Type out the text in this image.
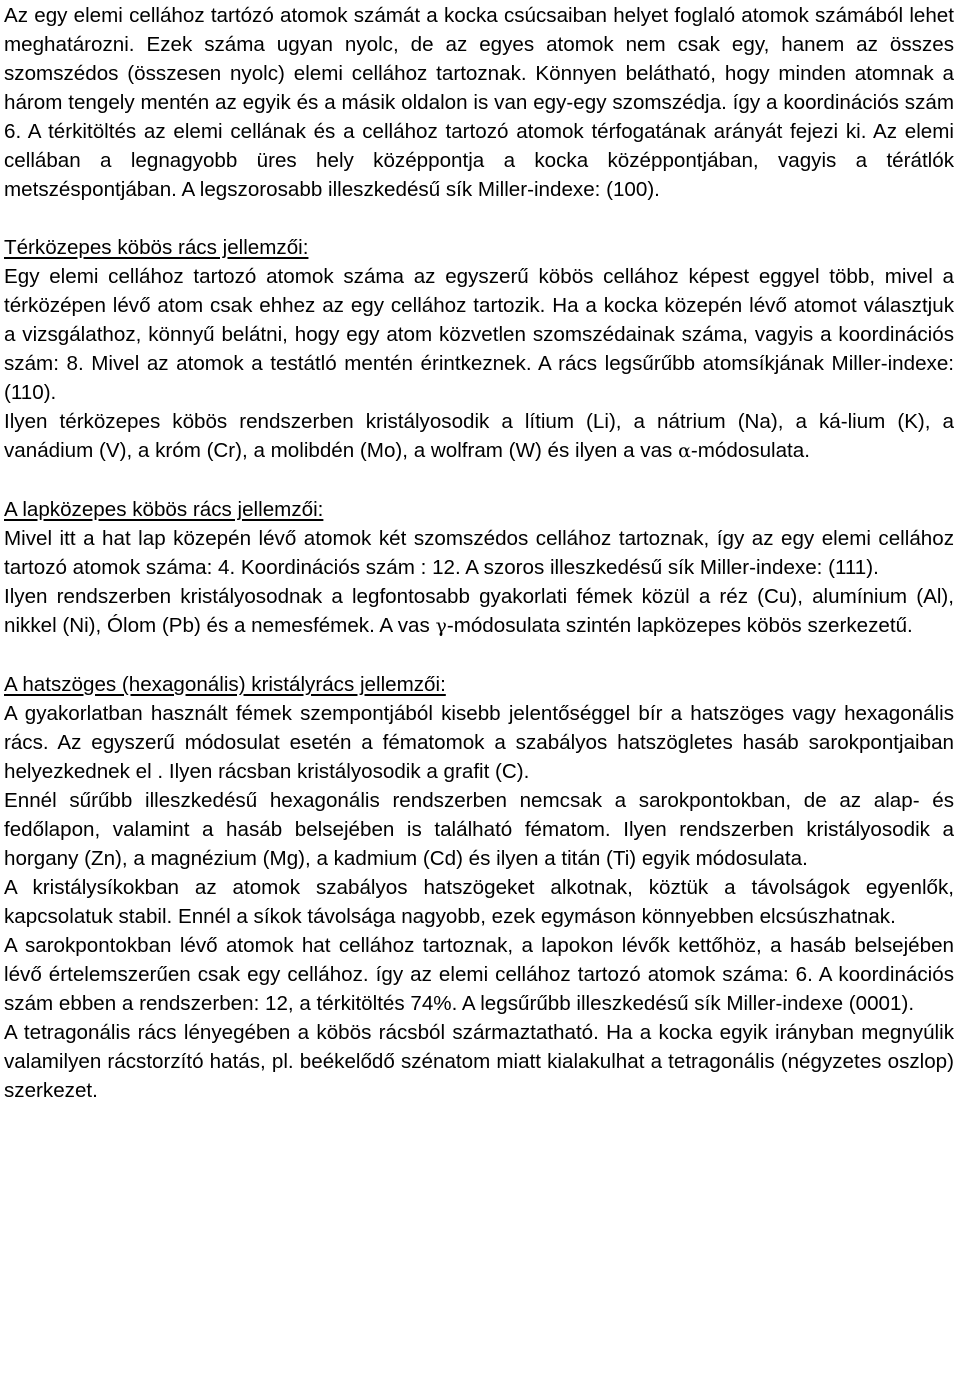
Az egy elemi cellához tartózó atomok számát a kocka csúcsaiban helyet foglaló atomok számából lehet meghatározni. Ezek száma ugyan nyolc, de az egyes atomok nem csak egy, hanem az összes szomszédos (összesen nyolc) elemi cellához tartoznak. Könnyen belátható, hogy minden atomnak a három tengely mentén az egyik és a másik oldalon is van egy-egy szomszédja. így a koordinációs szám 6. A térkitöltés az elemi cellának és a cellához tartozó atomok térfogatának arányát fejezi ki. Az elemi cellában a legnagyobb üres hely középpontja a kocka középpontjában, vagyis a térátlók metszéspontjában. A legszorosabb illeszkedésű sík Miller-indexe: (100).

Térközepes köbös rács jellemzői:

Egy elemi cellához tartozó atomok száma az egyszerű köbös cellához képest eggyel több, mivel a térközépen lévő atom csak ehhez az egy cellához tartozik. Ha a kocka közepén lévő atomot választjuk a vizsgálathoz, könnyű belátni, hogy egy atom közvetlen szomszédainak száma, vagyis a koordinációs szám: 8. Mivel az atomok a testátló mentén érintkeznek. A rács legsűrűbb atomsíkjának Miller-indexe: (110).

Ilyen térközepes köbös rendszerben kristályosodik a lítium (Li), a nátrium (Na), a ká-lium (K), a vanádium (V), a króm (Cr), a molibdén (Mo), a wolfram (W) és ilyen a vas α-módosulata.

A lapközepes köbös rács jellemzői:

Mivel itt a hat lap közepén lévő atomok két szomszédos cellához tartoznak, így az egy elemi cellához tartozó atomok száma: 4. Koordinációs szám : 12. A szoros illeszkedésű sík Miller-indexe: (111).

Ilyen rendszerben kristályosodnak a legfontosabb gyakorlati fémek közül a réz (Cu), alumínium (Al), nikkel (Ni), Ólom (Pb) és a nemesfémek. A vas γ-módosulata szintén lapközepes köbös szerkezetű.

A hatszöges (hexagonális) kristályrács jellemzői:

A gyakorlatban használt fémek szempontjából kisebb jelentőséggel bír a hatszöges vagy hexagonális rács. Az egyszerű módosulat esetén a fématomok a szabályos hatszögletes hasáb sarokpontjaiban helyezkednek el . Ilyen rácsban kristályosodik a grafit (C).

Ennél sűrűbb illeszkedésű hexagonális rendszerben nemcsak a sarokpontokban, de az alap- és fedőlapon, valamint a hasáb belsejében is található fématom. Ilyen rendszerben kristályosodik a horgany (Zn), a magnézium (Mg), a kadmium (Cd) és ilyen a titán (Ti) egyik módosulata.

A kristálysíkokban az atomok szabályos hatszögeket alkotnak, köztük a távolságok egyenlők, kapcsolatuk stabil. Ennél a síkok távolsága nagyobb, ezek egymáson könnyebben elcsúszhatnak.

A sarokpontokban lévő atomok hat cellához tartoznak, a lapokon lévők kettőhöz, a hasáb belsejében lévő értelemszerűen csak egy cellához. így az elemi cellához tartozó atomok száma: 6. A koordinációs szám ebben a rendszerben: 12, a térkitöltés 74%. A legsűrűbb illeszkedésű sík Miller-indexe (0001).

A tetragonális rács lényegében a köbös rácsból származtatható. Ha a kocka egyik irányban megnyúlik valamilyen rácstorzító hatás, pl. beékelődő szénatom miatt kialakulhat a tetragonális (négyzetes oszlop) szerkezet.
